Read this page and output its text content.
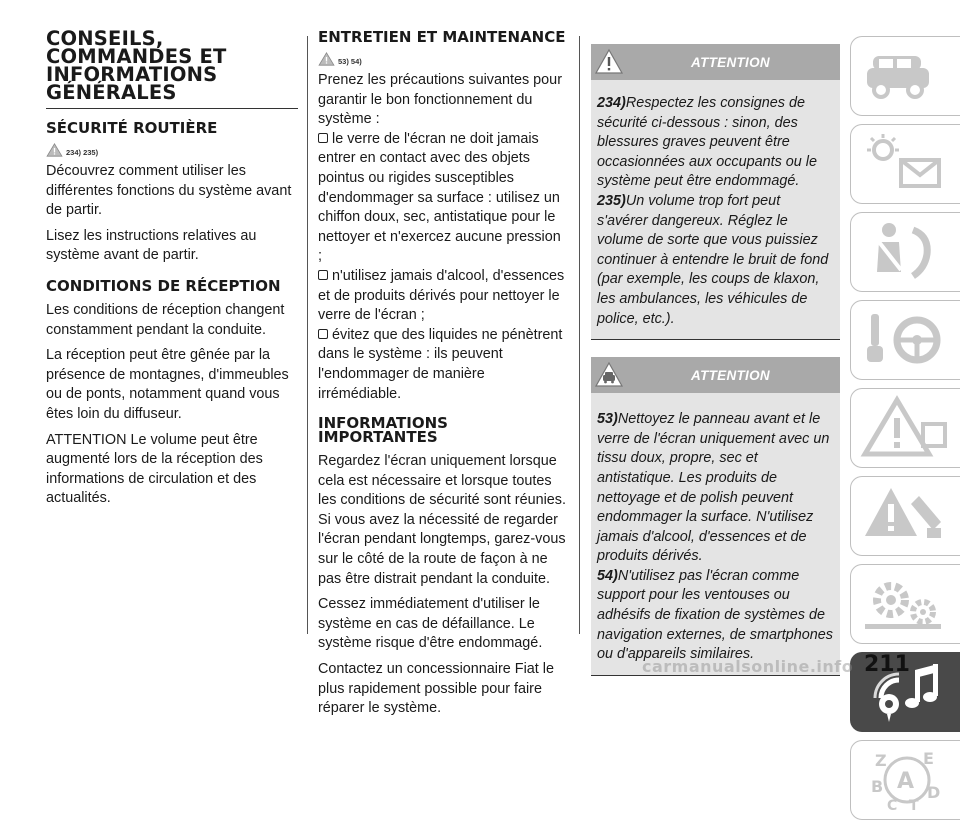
CONSEILS, COMMANDES ET INFORMATIONS GÉNÉRALES
SÉCURITÉ ROUTIÈRE
234) 235)

Découvrez comment utiliser les différentes fonctions du système avant de partir.

Lisez les instructions relatives au système avant de partir.

CONDITIONS DE RÉCEPTION

Les conditions de réception changent constamment pendant la conduite.

La réception peut être gênée par la présence de montagnes, d'immeubles ou de ponts, notamment quand vous êtes loin du diffuseur.

ATTENTION Le volume peut être augmenté lors de la réception des informations de circulation et des actualités.

ENTRETIEN ET MAINTENANCE
53) 54)

Prenez les précautions suivantes pour garantir le bon fonctionnement du système :

le verre de l'écran ne doit jamais entrer en contact avec des objets pointus ou rigides susceptibles d'endommager sa surface : utilisez un chiffon doux, sec, antistatique pour le nettoyer et n'exercez aucune pression ;

n'utilisez jamais d'alcool, d'essences et de produits dérivés pour nettoyer le verre de l'écran ;

évitez que des liquides ne pénètrent dans le système : ils peuvent l'endommager de manière irrémédiable.

INFORMATIONS IMPORTANTES

Regardez l'écran uniquement lorsque cela est nécessaire et lorsque toutes les conditions de sécurité sont réunies. Si vous avez la nécessité de regarder l'écran pendant longtemps, garez-vous sur le côté de la route de façon à ne pas être distrait pendant la conduite.

Cessez immédiatement d'utiliser le système en cas de défaillance. Le système risque d'être endommagé.

Contactez un concessionnaire Fiat le plus rapidement possible pour faire réparer le système.

ATTENTION

234)Respectez les consignes de sécurité ci-dessous : sinon, des blessures graves peuvent être occasionnées aux occupants ou le système peut être endommagé.

235)Un volume trop fort peut s'avérer dangereux. Réglez le volume de sorte que vous puissiez continuer à entendre le bruit de fond (par exemple, les coups de klaxon, les ambulances, les véhicules de police, etc.).

ATTENTION

53)Nettoyez le panneau avant et le verre de l'écran uniquement avec un tissu doux, propre, sec et antistatique. Les produits de nettoyage et de polish peuvent endommager la surface. N'utilisez jamais d'alcool, d'essences et de produits dérivés.

54)N'utilisez pas l'écran comme support pour les ventouses ou adhésifs de fixation de systèmes de navigation externes, de smartphones ou d'appareils similaires.

Z E
A
B	D
C T
211
carmanualsonline.info
